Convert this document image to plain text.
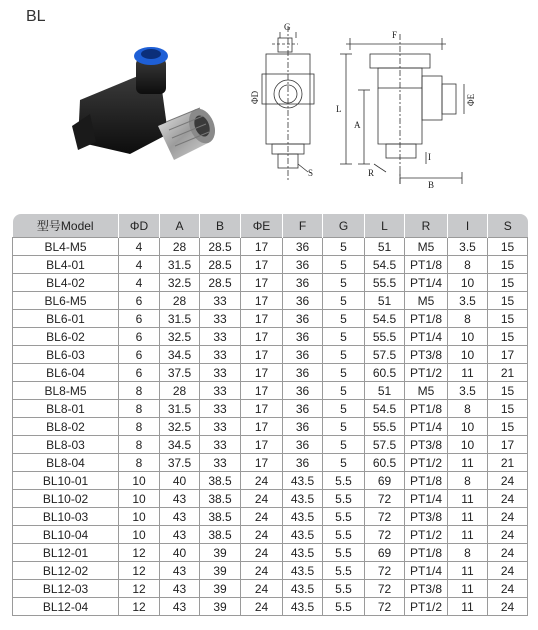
BL
G
F
ΦD
L
A
ΦE
S	R
I
B
型号Model	ΦD	A	B	ΦE	F	G	L	R	I	S
BL4-M5	4	28	28.5	17	36	5	51	M5	3.5	15
BL4-01	4	31.5	28.5	17	36	5	54.5	PT1/8	8	15
BL4-02	4	32.5	28.5	17	36	5	55.5	PT1/4	10	15
BL6-M5	6	28	33	17	36	5	51	M5	3.5	15
BL6-01	6	31.5	33	17	36	5	54.5	PT1/8	8	15
BL6-02	6	32.5	33	17	36	5	55.5	PT1/4	10	15
BL6-03	6	34.5	33	17	36	5	57.5	PT3/8	10	17
BL6-04	6	37.5	33	17	36	5	60.5	PT1/2	11	21
BL8-M5	8	28	33	17	36	5	51	M5	3.5	15
BL8-01	8	31.5	33	17	36	5	54.5	PT1/8	8	15
BL8-02	8	32.5	33	17	36	5	55.5	PT1/4	10	15
BL8-03	8	34.5	33	17	36	5	57.5	PT3/8	10	17
BL8-04	8	37.5	33	17	36	5	60.5	PT1/2	11	21
BL10-01	10	40	38.5	24	43.5	5.5	69	PT1/8	8	24
BL10-02	10	43	38.5	24	43.5	5.5	72	PT1/4	11	24
BL10-03	10	43	38.5	24	43.5	5.5	72	PT3/8	11	24
BL10-04	10	43	38.5	24	43.5	5.5	72	PT1/2	11	24
BL12-01	12	40	39	24	43.5	5.5	69	PT1/8	8	24
BL12-02	12	43	39	24	43.5	5.5	72	PT1/4	11	24
BL12-03	12	43	39	24	43.5	5.5	72	PT3/8	11	24
BL12-04	12	43	39	24	43.5	5.5	72	PT1/2	11	24
